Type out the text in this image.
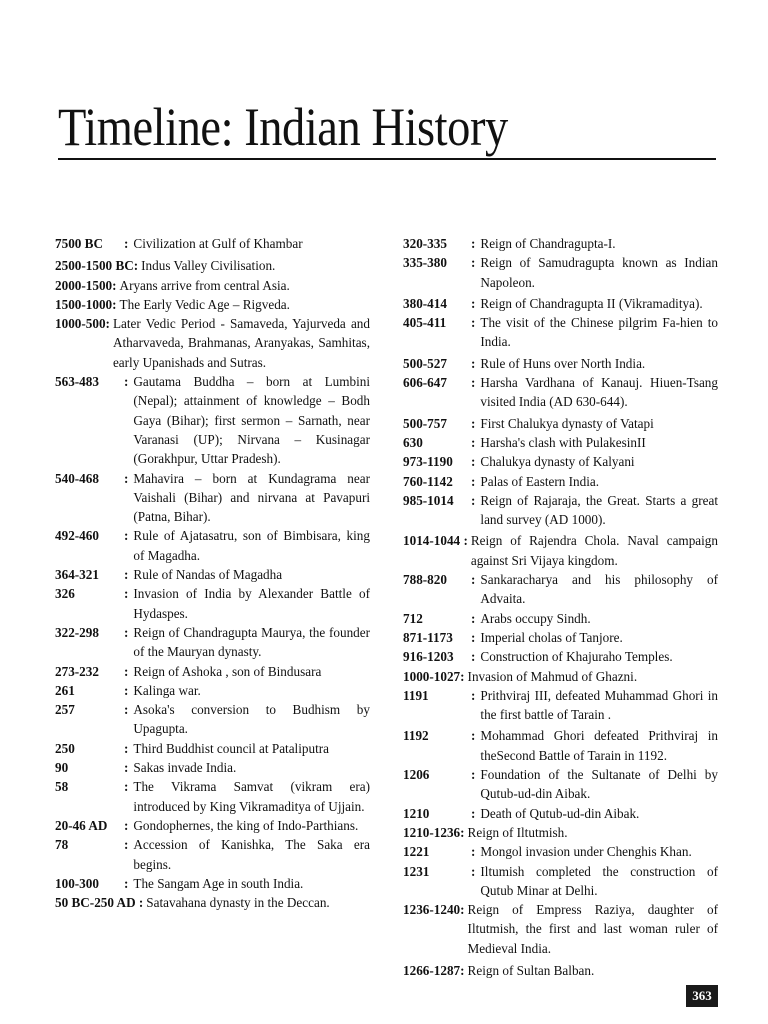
Timeline: Indian History
7500 BC	: Civilization at Gulf of Khambar
2500-1500 BC: Indus Valley Civilisation.
2000-1500: Aryans arrive from central Asia.
1500-1000: The Early Vedic Age – Rigveda.
1000-500: Later Vedic Period - Samaveda, Yajurveda and Atharvaveda, Brahmanas, Aranyakas, Samhitas, early Upanishads and Sutras.
563-483	: Gautama Buddha – born at Lumbini (Nepal); attainment of knowledge – Bodh Gaya (Bihar); first sermon – Sarnath, near Varanasi (UP); Nirvana – Kusinagar (Gorakhpur, Uttar Pradesh).
540-468	: Mahavira – born at Kundagrama near Vaishali (Bihar) and nirvana at Pavapuri (Patna, Bihar).
492-460	: Rule of Ajatasatru, son of Bimbisara, king of Magadha.
364-321	: Rule of Nandas of Magadha
326	: Invasion of India by Alexander Battle of Hydaspes.
322-298	: Reign of Chandragupta Maurya, the founder of the Mauryan dynasty.
273-232	: Reign of Ashoka , son of Bindusara
261	: Kalinga war.
257	: Asoka's conversion to Budhism by Upagupta.
250	: Third Buddhist council at Pataliputra
90	: Sakas invade India.
58	: The Vikrama Samvat (vikram era) introduced by King Vikramaditya of Ujjain.
20-46 AD	: Gondophernes, the king of Indo-Parthians.
78	: Accession of Kanishka, The Saka era begins.
100-300	: The Sangam Age in south India.
50 BC-250 AD : Satavahana dynasty in the Deccan.
320-335	: Reign of Chandragupta-I.
335-380	: Reign of Samudragupta known as Indian Napoleon.
380-414	: Reign of Chandragupta II (Vikramaditya).
405-411	: The visit of the Chinese pilgrim Fa-hien to India.
500-527	: Rule of Huns over North India.
606-647	: Harsha Vardhana of Kanauj. Hiuen-Tsang visited India (AD 630-644).
500-757	: First Chalukya dynasty of Vatapi
630	: Harsha's clash with PulakesinII
973-1190	: Chalukya dynasty of Kalyani
760-1142	: Palas of Eastern India.
985-1014	: Reign of Rajaraja, the Great. Starts a great land survey (AD 1000).
1014-1044 : Reign of Rajendra Chola. Naval campaign against Sri Vijaya kingdom.
788-820	: Sankaracharya and his philosophy of Advaita.
712	: Arabs occupy Sindh.
871-1173	: Imperial cholas of Tanjore.
916-1203	: Construction of Khajuraho Temples.
1000-1027: Invasion of Mahmud of Ghazni.
1191	: Prithviraj III, defeated Muhammad Ghori in the first battle of Tarain .
1192	: Mohammad Ghori defeated Prithviraj in theSecond Battle of Tarain in 1192.
1206	: Foundation of the Sultanate of Delhi by Qutub-ud-din Aibak.
1210	: Death of Qutub-ud-din Aibak.
1210-1236: Reign of Iltutmish.
1221	: Mongol invasion under Chenghis Khan.
1231	: Iltumish completed the construction of Qutub Minar at Delhi.
1236-1240: Reign of Empress Raziya, daughter of Iltutmish, the first and last woman ruler of Medieval India.
1266-1287: Reign of Sultan Balban.
363
